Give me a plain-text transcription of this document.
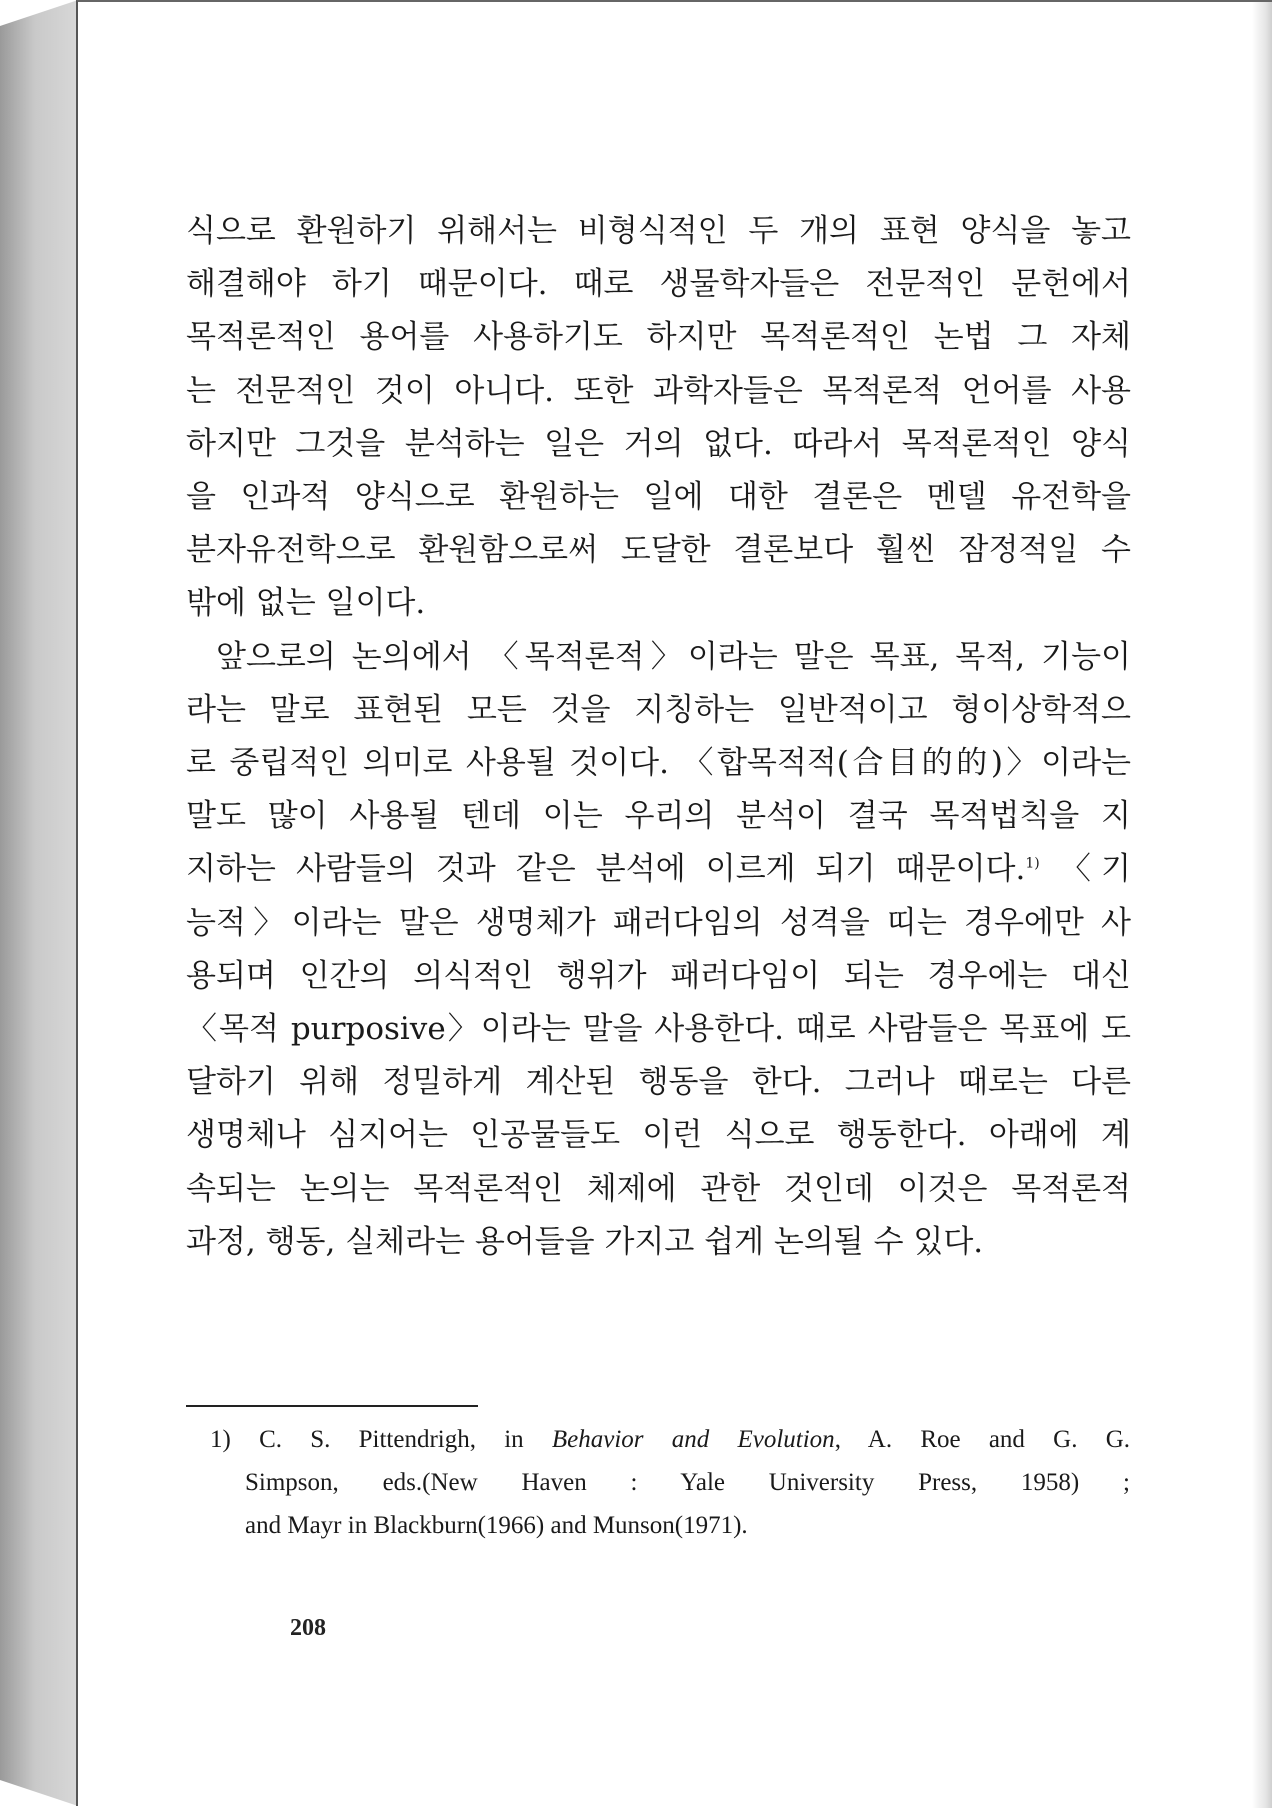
식으로 환원하기 위해서는 비형식적인 두 개의 표현 양식을 놓고
해결해야 하기 때문이다. 때로 생물학자들은 전문적인 문헌에서
목적론적인 용어를 사용하기도 하지만 목적론적인 논법 그 자체
는 전문적인 것이 아니다. 또한 과학자들은 목적론적 언어를 사용
하지만 그것을 분석하는 일은 거의 없다. 따라서 목적론적인 양식
을 인과적 양식으로 환원하는 일에 대한 결론은 멘델 유전학을
분자유전학으로 환원함으로써 도달한 결론보다 훨씬 잠정적일 수
밖에 없는 일이다.

앞으로의 논의에서 〈목적론적〉이라는 말은 목표, 목적, 기능이
라는 말로 표현된 모든 것을 지칭하는 일반적이고 형이상학적으
로 중립적인 의미로 사용될 것이다. 〈합목적적(合目的的)〉이라는
말도 많이 사용될 텐데 이는 우리의 분석이 결국 목적법칙을 지
지하는 사람들의 것과 같은 분석에 이르게 되기 때문이다.$^{1)}$ 〈기
능적〉이라는 말은 생명체가 패러다임의 성격을 띠는 경우에만 사
용되며 인간의 의식적인 행위가 패러다임이 되는 경우에는 대신
〈목적 purposive〉이라는 말을 사용한다. 때로 사람들은 목표에 도
달하기 위해 정밀하게 계산된 행동을 한다. 그러나 때로는 다른
생명체나 심지어는 인공물들도 이런 식으로 행동한다. 아래에 계
속되는 논의는 목적론적인 체제에 관한 것인데 이것은 목적론적
과정, 행동, 실체라는 용어들을 가지고 쉽게 논의될 수 있다.

1) C. S. Pittendrigh, in Behavior and Evolution, A. Roe and G. G.
Simpson, eds.(New Haven : Yale University Press, 1958) ;
and Mayr in Blackburn(1966) and Munson(1971).
208
